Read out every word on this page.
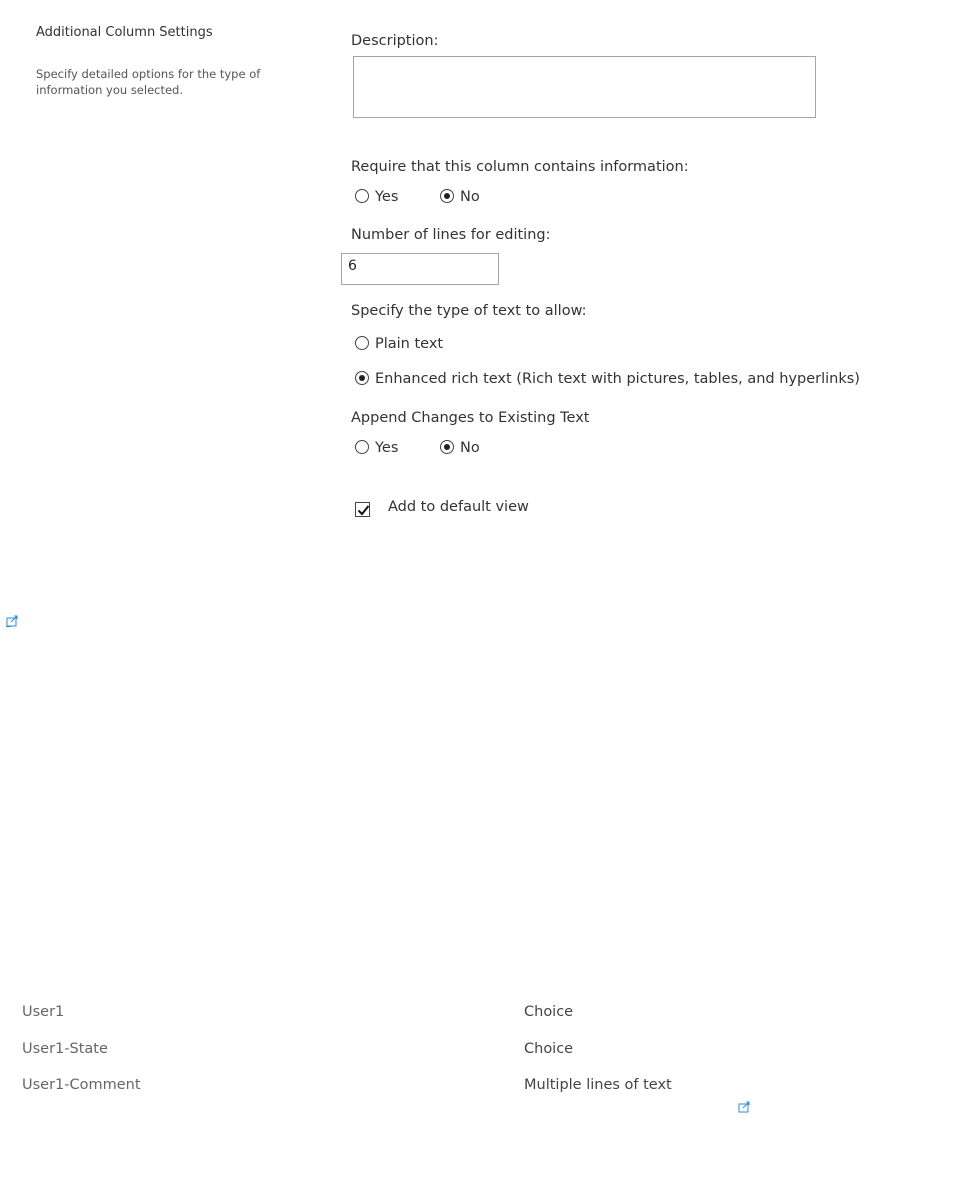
Additional Column Settings
Specify detailed options for the type of information you selected.
Description:
Require that this column contains information:
Yes	No
Number of lines for editing:
6
Specify the type of text to allow:
Plain text
Enhanced rich text (Rich text with pictures, tables, and hyperlinks)
Append Changes to Existing Text
Yes	No
Add to default view
User1	Choice
User1-State	Choice
User1-Comment	Multiple lines of text
